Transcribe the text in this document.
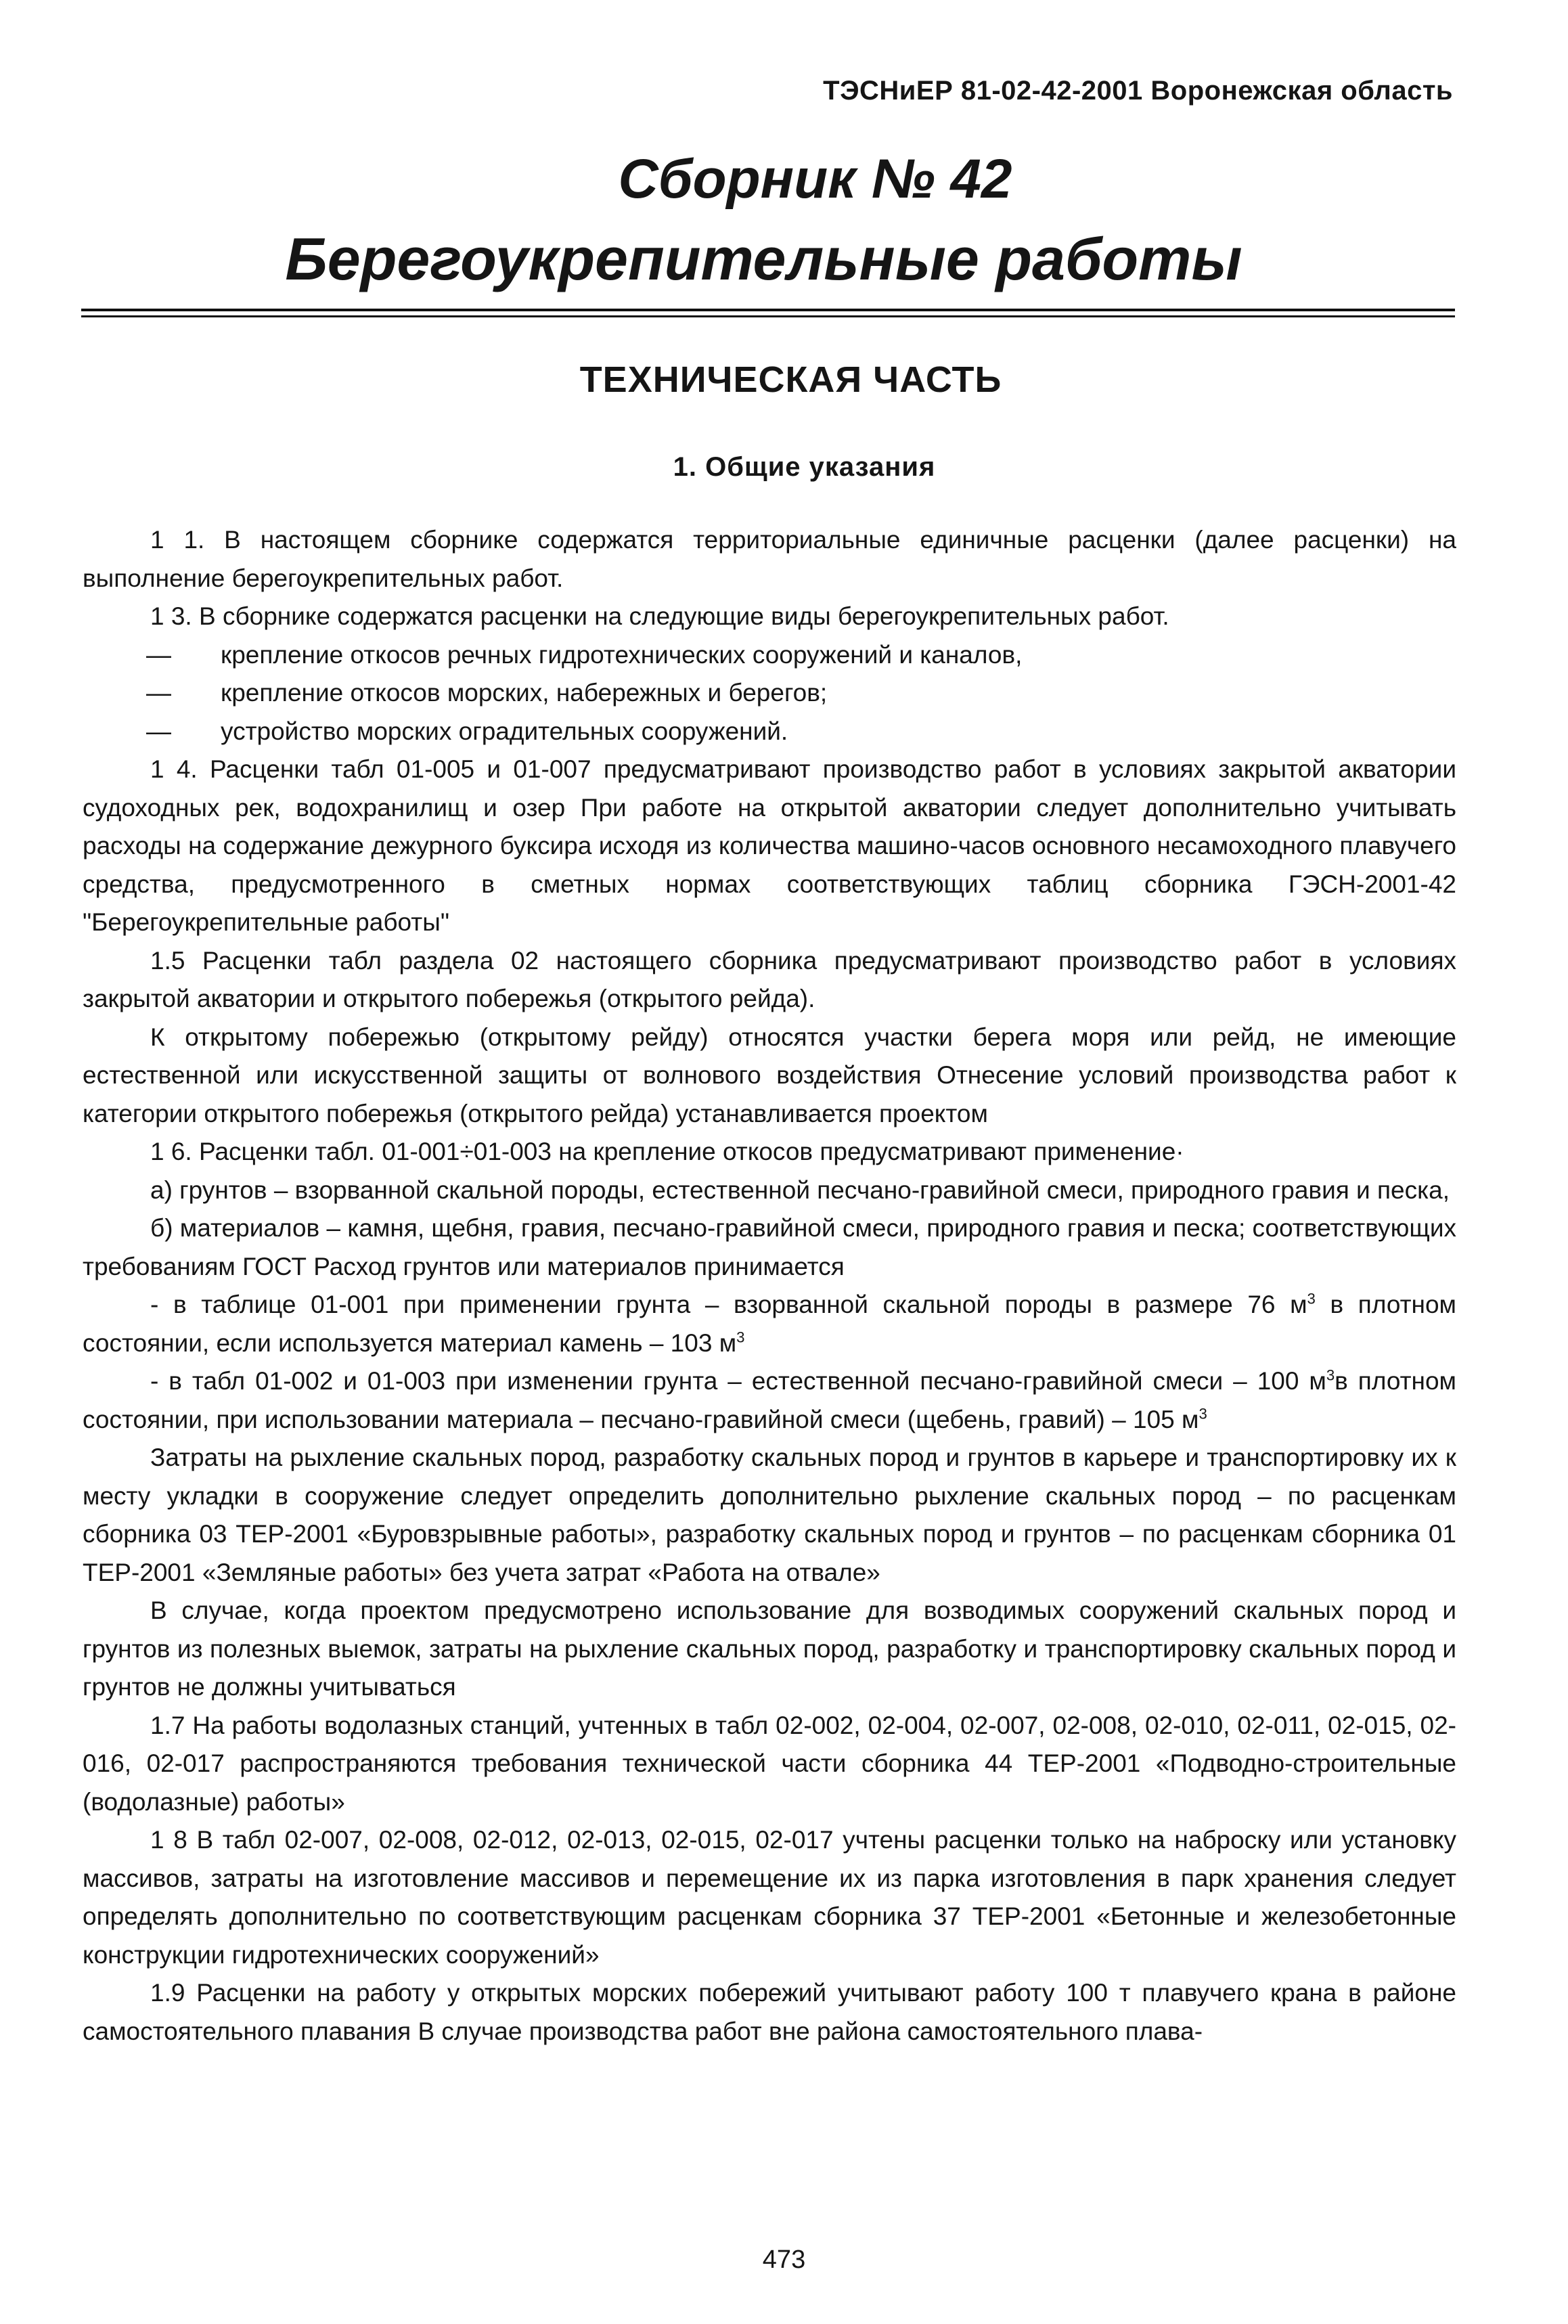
ТЭСНиЕР 81-02-42-2001 Воронежская область
Сборник № 42
Берегоукрепительные работы
ТЕХНИЧЕСКАЯ ЧАСТЬ
1. Общие указания

1 1. В настоящем сборнике содержатся территориальные единичные расценки (далее расценки) на выполнение берегоукрепительных работ.

1 3. В сборнике содержатся расценки на следующие виды берегоукрепительных работ.

— крепление откосов речных гидротехнических сооружений и каналов,

— крепление откосов морских, набережных и берегов;

— устройство морских оградительных сооружений.

1 4. Расценки табл 01-005 и 01-007 предусматривают производство работ в условиях закрытой акватории судоходных рек, водохранилищ и озер При работе на открытой акватории следует дополнительно учитывать расходы на содержание дежурного буксира исходя из количества машино-часов основного несамоходного плавучего средства, предусмотренного в сметных нормах соответствующих таблиц сборника ГЭСН-2001-42 "Берегоукрепительные работы"

1.5 Расценки табл раздела 02 настоящего сборника предусматривают производство работ в условиях закрытой акватории и открытого побережья (открытого рейда).

К открытому побережью (открытому рейду) относятся участки берега моря или рейд, не имеющие естественной или искусственной защиты от волнового воздействия Отнесение условий производства работ к категории открытого побережья (открытого рейда) устанавливается проектом

1 6. Расценки табл. 01-001÷01-003 на крепление откосов предусматривают применение·

а) грунтов – взорванной скальной породы, естественной песчано-гравийной смеси, природного гравия и песка,

б) материалов – камня, щебня, гравия, песчано-гравийной смеси, природного гравия и песка; соответствующих требованиям ГОСТ Расход грунтов или материалов принимается

- в таблице 01-001 при применении грунта – взорванной скальной породы в размере 76 $м^3$ в плотном состоянии, если используется материал камень – 103 $м^3$

- в табл 01-002 и 01-003 при изменении грунта – естественной песчано-гравийной смеси – 100 $м^3в$ плотном состоянии, при использовании материала – песчано-гравийной смеси (щебень, гравий) – 105 $м^3$

Затраты на рыхление скальных пород, разработку скальных пород и грунтов в карьере и транспортировку их к месту укладки в сооружение следует определить дополнительно рыхление скальных пород – по расценкам сборника 03 ТЕР-2001 «Буровзрывные работы», разработку скальных пород и грунтов – по расценкам сборника 01 ТЕР-2001 «Земляные работы» без учета затрат «Работа на отвале»

В случае, когда проектом предусмотрено использование для возводимых сооружений скальных пород и грунтов из полезных выемок, затраты на рыхление скальных пород, разработку и транспортировку скальных пород и грунтов не должны учитываться

1.7 На работы водолазных станций, учтенных в табл 02-002, 02-004, 02-007, 02-008, 02-010, 02-011, 02-015, 02-016, 02-017 распространяются требования технической части сборника 44 ТЕР-2001 «Подводно-строительные (водолазные) работы»

1 8 В табл 02-007, 02-008, 02-012, 02-013, 02-015, 02-017 учтены расценки только на наброску или установку массивов, затраты на изготовление массивов и перемещение их из парка изготовления в парк хранения следует определять дополнительно по соответствующим расценкам сборника 37 ТЕР-2001 «Бетонные и железобетонные конструкции гидротехнических сооружений»

1.9 Расценки на работу у открытых морских побережий учитывают работу 100 т плавучего крана в районе самостоятельного плавания В случае производства работ вне района самостоятельного плава-

473
